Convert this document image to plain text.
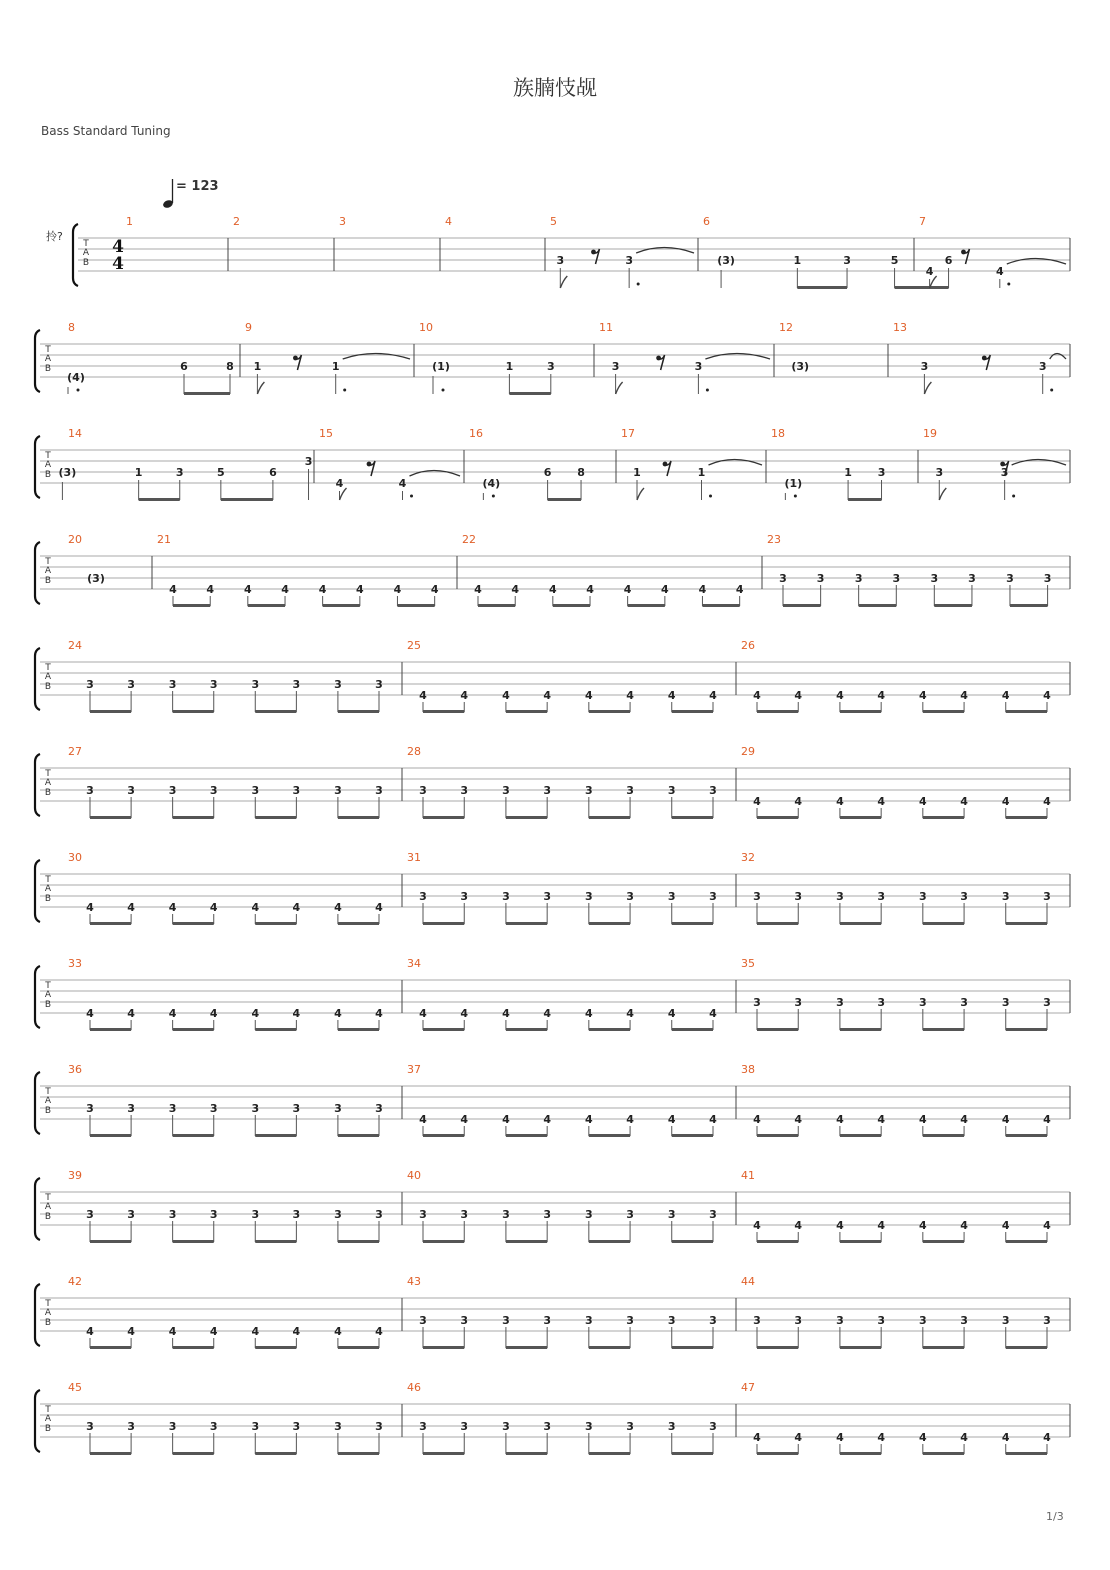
族腩忮觇
Bass Standard Tuning
= 123
拎?
T
A
B
4
4
1	2	3	4	5
3	3
6
(3)	1	3	5	6
7
4	4
T
A
B
8
(4)
6	8
9
1	1
10
(1)	1	3
11
3	3
12
(3)
13
3	3
T
A
B
14
(3)	1	3	5	6
3
15
4	4
16
(4)
6 8
17
1	1
18
(1)
1 3
19
3	3
T
A
B
20
(3)
21
4	4	4	4	4	4	4	4
22
4	4	4	4	4	4	4	4
23
3	3	3	3	3	3	3	3
T
A
B
24
3	3	3	3	3	3	3	3
25
4	4	4	4	4	4	4	4
26
4	4	4	4	4	4	4	4
T
A
B
27
3	3	3	3	3	3	3	3
28
3	3	3	3	3	3	3	3
29
4	4	4	4	4	4	4	4
T
A
B
30
4	4	4	4	4	4	4	4
31
3	3	3	3	3	3	3	3
32
3	3	3	3	3	3	3	3
T
A
B
33
4	4	4	4	4	4	4	4
34
4	4	4	4	4	4	4	4
35
3	3	3	3	3	3	3	3
T
A
B
36
3	3	3	3	3	3	3	3
37
4	4	4	4	4	4	4	4
38
4	4	4	4	4	4	4	4
T
A
B
39
3	3	3	3	3	3	3	3
40
3	3	3	3	3	3	3	3
41
4	4	4	4	4	4	4	4
T
A
B
42
4	4	4	4	4	4	4	4
43
3	3	3	3	3	3	3	3
44
3	3	3	3	3	3	3	3
T
A
B
45
3	3	3	3	3	3	3	3
46
3	3	3	3	3	3	3	3
47
4	4	4	4	4	4	4	4
1/3
